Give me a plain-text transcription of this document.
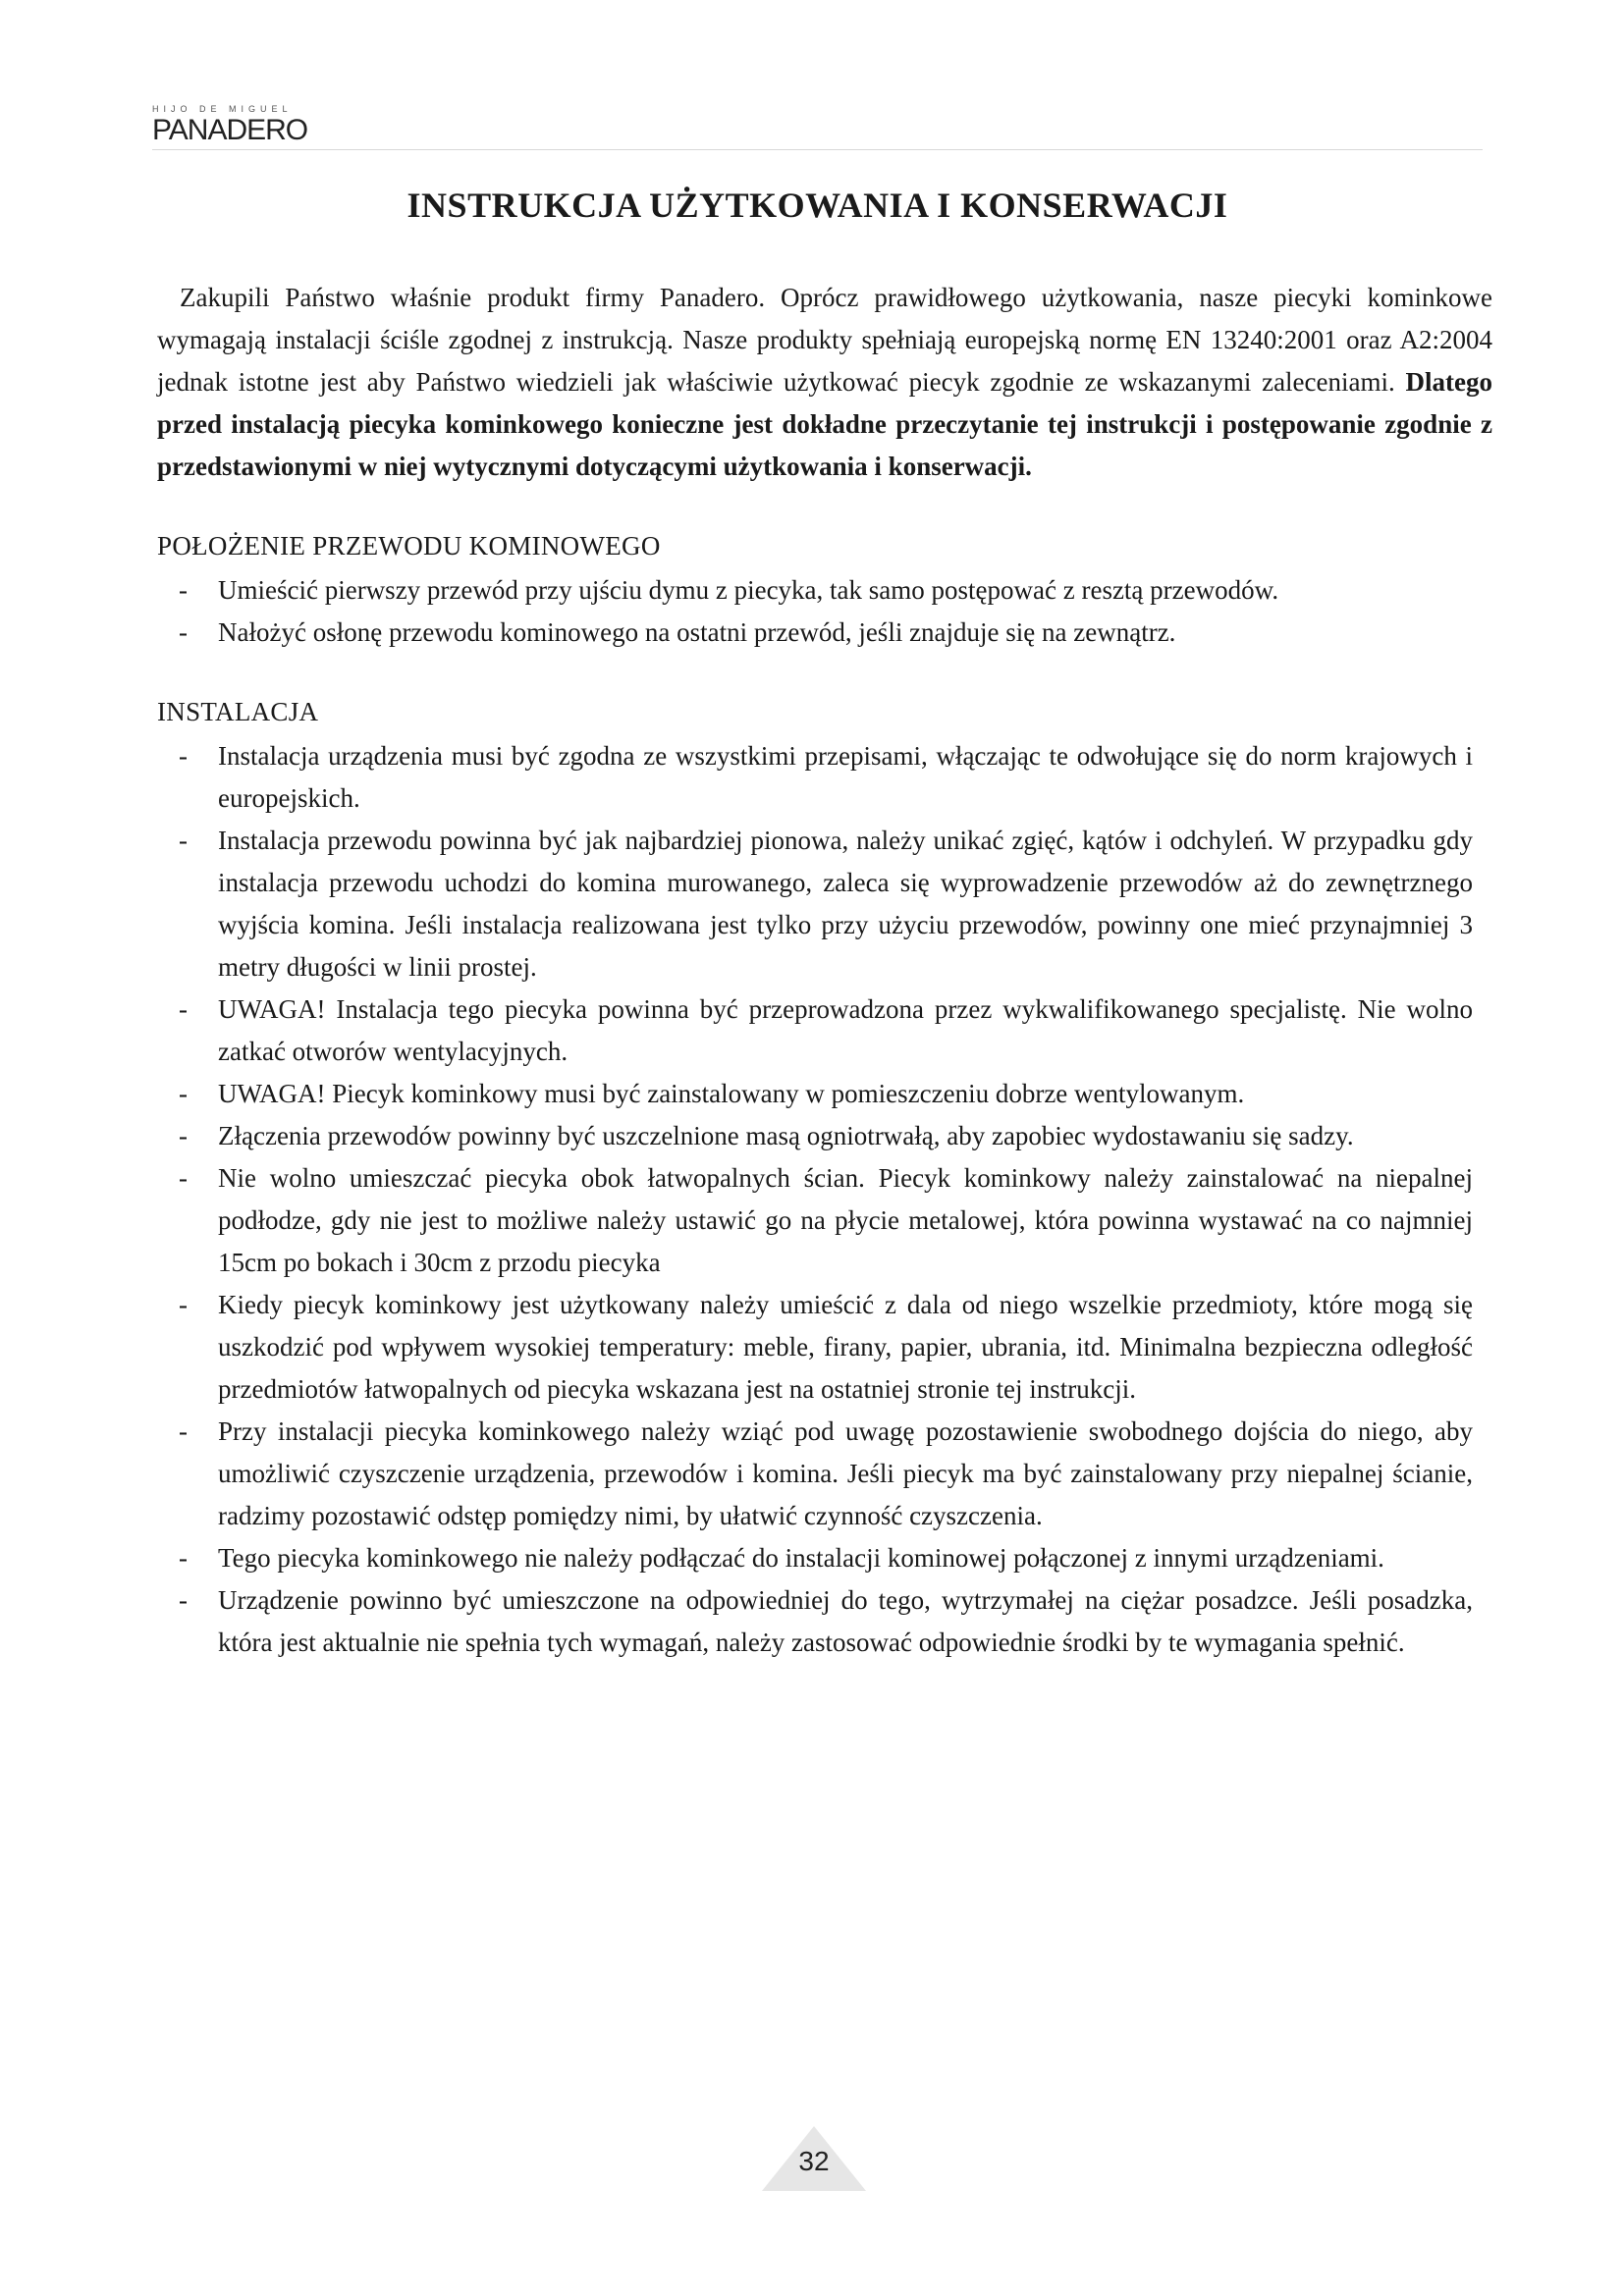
HIJO DE MIGUEL
PANADERO
INSTRUKCJA UŻYTKOWANIA I KONSERWACJI

Zakupili Państwo właśnie produkt firmy Panadero. Oprócz prawidłowego użytkowania, nasze piecyki kominkowe wymagają instalacji ściśle zgodnej z instrukcją. Nasze produkty spełniają europejską normę EN 13240:2001 oraz A2:2004 jednak istotne jest aby Państwo wiedzieli jak właściwie użytkować piecyk zgodnie ze wskazanymi zaleceniami. Dlatego przed instalacją piecyka kominkowego konieczne jest dokładne przeczytanie tej instrukcji i postępowanie zgodnie z przedstawionymi w niej wytycznymi dotyczącymi użytkowania i konserwacji.

POŁOŻENIE PRZEWODU KOMINOWEGO

- Umieścić pierwszy przewód przy ujściu dymu z piecyka, tak samo postępować z resztą przewodów.
- Nałożyć osłonę przewodu kominowego na ostatni przewód, jeśli znajduje się na zewnątrz.

INSTALACJA

- Instalacja urządzenia musi być zgodna ze wszystkimi przepisami, włączając te odwołujące się do norm krajowych i europejskich.
- Instalacja przewodu powinna być jak najbardziej pionowa, należy unikać zgięć, kątów i odchyleń. W przypadku gdy instalacja przewodu uchodzi do komina murowanego, zaleca się wyprowadzenie przewodów aż do zewnętrznego wyjścia komina. Jeśli instalacja realizowana jest tylko przy użyciu przewodów, powinny one mieć przynajmniej 3 metry długości w linii prostej.
- UWAGA! Instalacja tego piecyka powinna być przeprowadzona przez wykwalifikowanego specjalistę. Nie wolno zatkać otworów wentylacyjnych.
- UWAGA! Piecyk kominkowy musi być zainstalowany w pomieszczeniu dobrze wentylowanym.
- Złączenia przewodów powinny być uszczelnione masą ogniotrwałą, aby zapobiec wydostawaniu się sadzy.
- Nie wolno umieszczać piecyka obok łatwopalnych ścian. Piecyk kominkowy należy zainstalować na niepalnej podłodze, gdy nie jest to możliwe należy ustawić go na płycie metalowej, która powinna wystawać na co najmniej 15cm po bokach i 30cm z przodu piecyka
- Kiedy piecyk kominkowy jest użytkowany należy umieścić z dala od niego wszelkie przedmioty, które mogą się uszkodzić pod wpływem wysokiej temperatury: meble, firany, papier, ubrania, itd. Minimalna bezpieczna odległość przedmiotów łatwopalnych od piecyka wskazana jest na ostatniej stronie tej instrukcji.
- Przy instalacji piecyka kominkowego należy wziąć pod uwagę pozostawienie swobodnego dojścia do niego, aby umożliwić czyszczenie urządzenia, przewodów i komina. Jeśli piecyk ma być zainstalowany przy niepalnej ścianie, radzimy pozostawić odstęp pomiędzy nimi, by ułatwić czynność czyszczenia.
- Tego piecyka kominkowego nie należy podłączać do instalacji kominowej połączonej z innymi urządzeniami.
- Urządzenie powinno być umieszczone na odpowiedniej do tego, wytrzymałej na ciężar posadzce. Jeśli posadzka, która jest aktualnie nie spełnia tych wymagań, należy zastosować odpowiednie środki by te wymagania spełnić.
32
